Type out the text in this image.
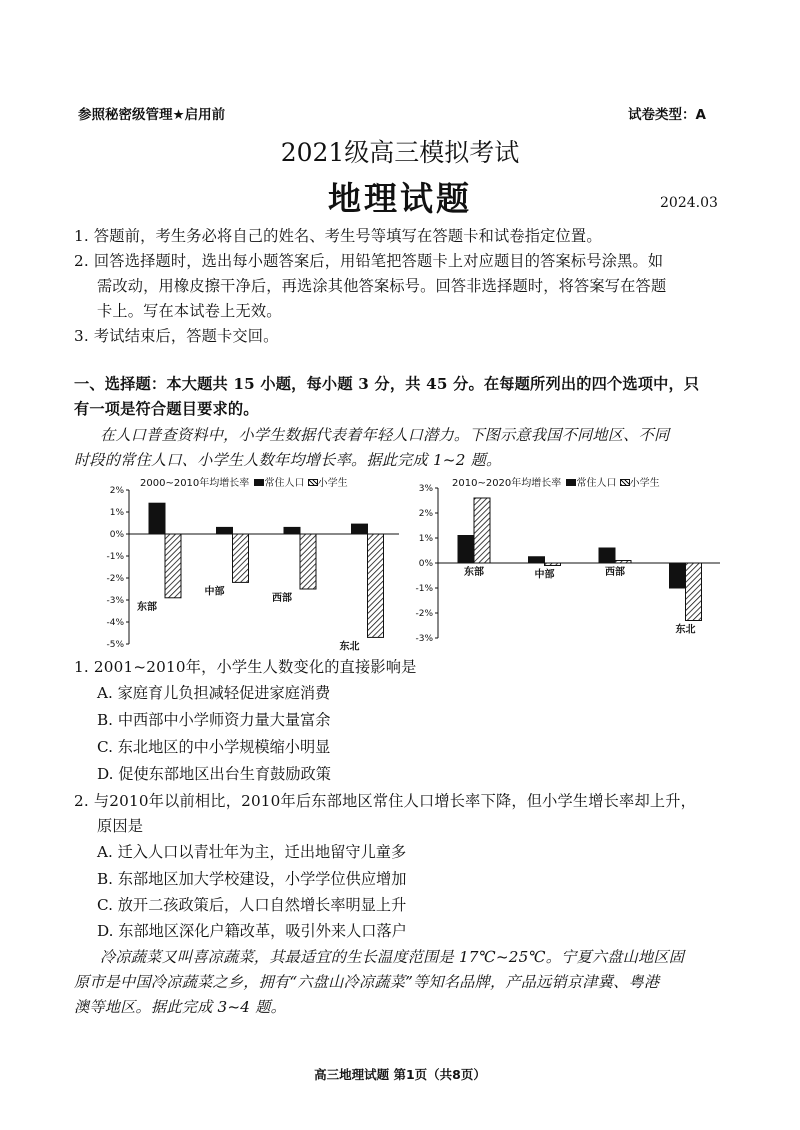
参照秘密级管理★启用前	试卷类型：A
2021级高三模拟考试
地理试题	2024.03
1. 答题前，考生务必将自己的姓名、考生号等填写在答题卡和试卷指定位置。
2. 回答选择题时，选出每小题答案后，用铅笔把答题卡上对应题目的答案标号涂黑。如
需改动，用橡皮擦干净后，再选涂其他答案标号。回答非选择题时，将答案写在答题
卡上。写在本试卷上无效。
3. 考试结束后，答题卡交回。
一、选择题：本大题共 15 小题，每小题 3 分，共 45 分。在每题所列出的四个选项中，只
有一项是符合题目要求的。
在人口普查资料中，小学生数据代表着年轻人口潜力。下图示意我国不同地区、不同
时段的常住人口、小学生人数年均增长率。据此完成 1~2 题。
2000~2010年均增长率 常住人口 小学生
2%
1%
0%
-1%
-2%
-3%
-4%
-5%
东部
中部
西部
东北
2010~2020年均增长率 常住人口 小学生
3%
2%
1%
0%
-1%
-2%
-3%
东部	中部	西部
东北
1. 2001~2010年，小学生人数变化的直接影响是
A. 家庭育儿负担减轻促进家庭消费
B. 中西部中小学师资力量大量富余
C. 东北地区的中小学规模缩小明显
D. 促使东部地区出台生育鼓励政策
2. 与2010年以前相比，2010年后东部地区常住人口增长率下降，但小学生增长率却上升，
原因是
A. 迁入人口以青壮年为主，迁出地留守儿童多
B. 东部地区加大学校建设，小学学位供应增加
C. 放开二孩政策后，人口自然增长率明显上升
D. 东部地区深化户籍改革，吸引外来人口落户
冷凉蔬菜又叫喜凉蔬菜，其最适宜的生长温度范围是 17℃~25℃。宁夏六盘山地区固
原市是中国冷凉蔬菜之乡，拥有“六盘山冷凉蔬菜”等知名品牌，产品远销京津冀、粤港
澳等地区。据此完成 3~4 题。
高三地理试题 第1页（共8页）
